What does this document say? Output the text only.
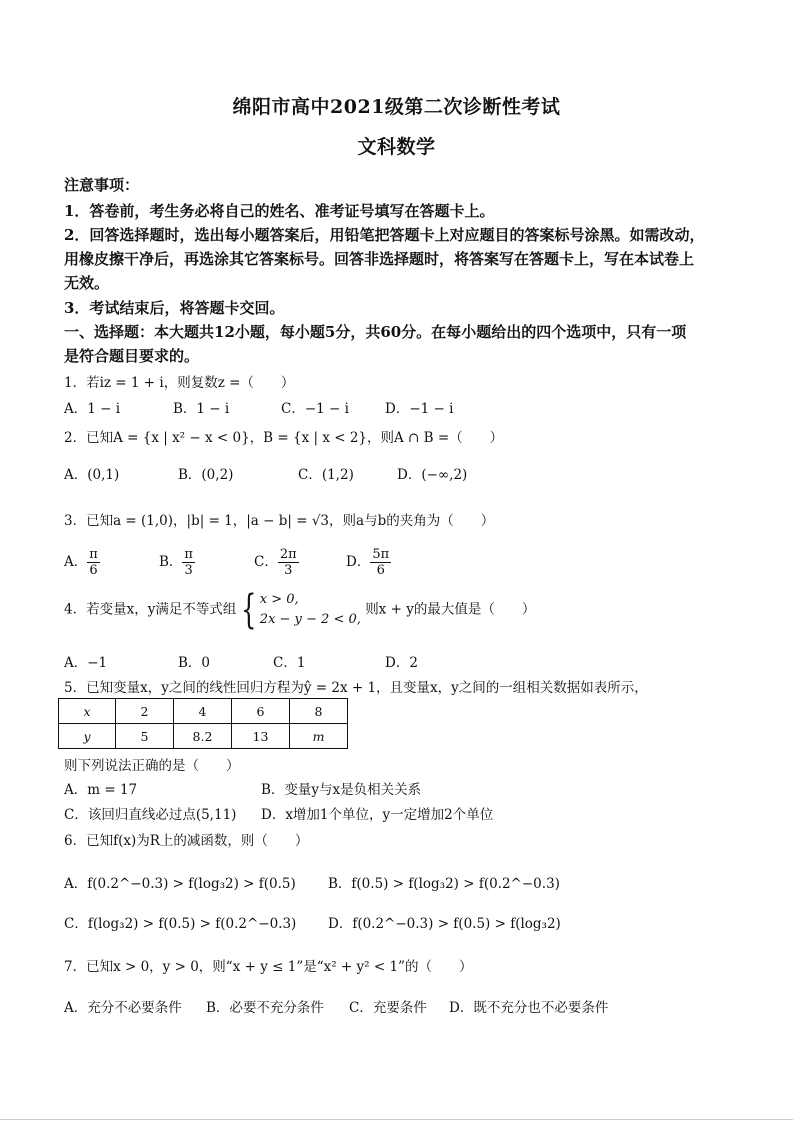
绵阳市高中2021级第二次诊断性考试
文科数学
注意事项：
1．答卷前，考生务必将自己的姓名、准考证号填写在答题卡上。
2．回答选择题时，选出每小题答案后，用铅笔把答题卡上对应题目的答案标号涂黑。如需改动，
用橡皮擦干净后，再选涂其它答案标号。回答非选择题时，将答案写在答题卡上，写在本试卷上
无效。
3．考试结束后，将答题卡交回。
一、选择题：本大题共12小题，每小题5分，共60分。在每小题给出的四个选项中，只有一项
是符合题目要求的。
1．若iz = 1 + i，则复数z =（　　）
A．1 − i	B．1 − i	C．−1 − i	D．−1 − i
2．已知A = {x | x² − x < 0}，B = {x | x < 2}，则A ∩ B =（　　）
A．(0,1)	B．(0,2)	C．(1,2)	D．(−∞,2)
3．已知a = (1,0)，|b| = 1，|a − b| = √3，则a与b的夹角为（　　）
A． $\frac{\pi}{6}$	B． $\frac{\pi}{3}$	C． $\frac{2\pi}{3}$	D． $\frac{5\pi}{6}$
4．若变量x，y满足不等式组 { x > 0,
2x − y − 2 < 0,
则x + y的最大值是（　　）
A．−1	B．0	C．1	D．2
5．已知变量x，y之间的线性回归方程为ŷ = 2x + 1，且变量x，y之间的一组相关数据如表所示，
x	2	4	6	8
y	5	8.2	13	m
则下列说法正确的是（　　）
A．m = 17	B．变量y与x是负相关关系
C．该回归直线必过点(5,11) D．x增加1个单位，y一定增加2个单位
6．已知f(x)为R上的减函数，则（　　）
A．f(0.2^−0.3) > f(log₃2) > f(0.5) B．f(0.5) > f(log₃2) > f(0.2^−0.3)
C．f(log₃2) > f(0.5) > f(0.2^−0.3) D．f(0.2^−0.3) > f(0.5) > f(log₃2)
7．已知x > 0，y > 0，则“x + y ≤ 1”是“x² + y² < 1”的（　　）
A．充分不必要条件 B．必要不充分条件 C．充要条件 D．既不充分也不必要条件
